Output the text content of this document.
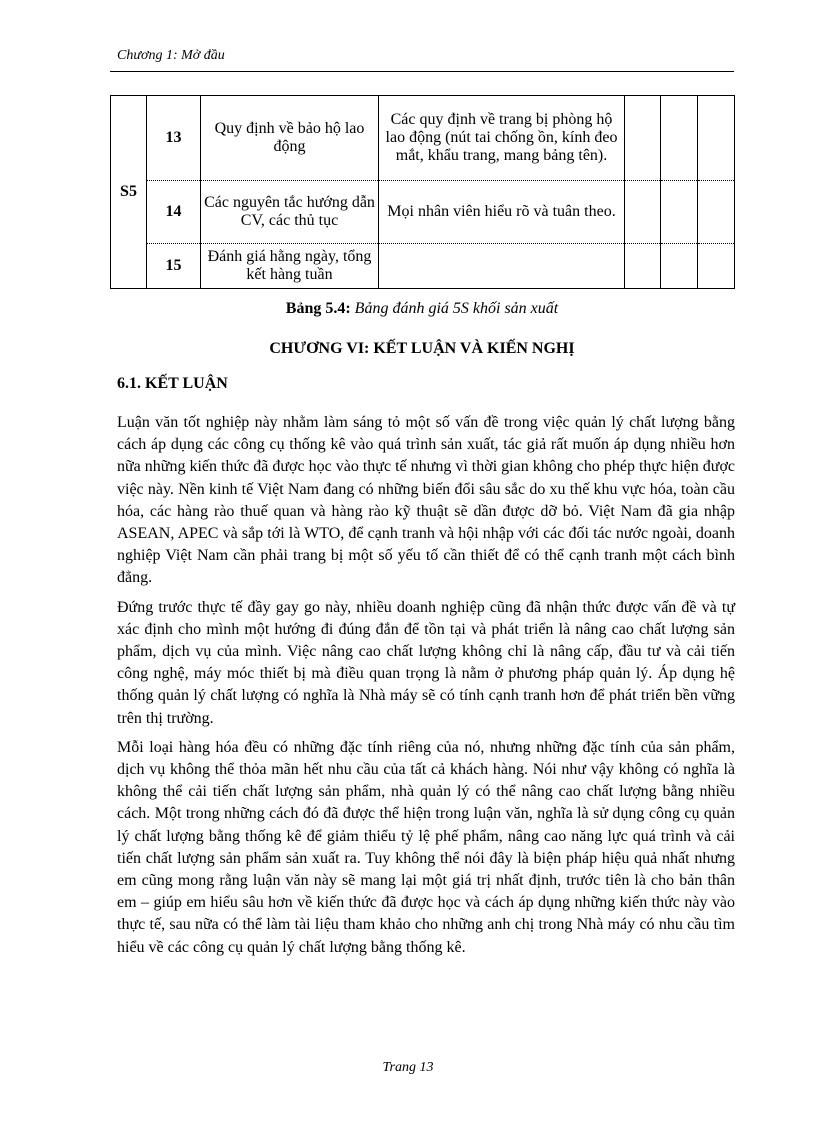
Chương 1: Mở đầu
S5	13	Quy định về bảo hộ lao động	Các quy định về trang bị phòng hộ lao động (nút tai chống ồn, kính đeo mắt, khẩu trang, mang bảng tên).			
	14	Các nguyên tắc hướng dẫn CV, các thủ tục	Mọi nhân viên hiểu rõ và tuân theo.			
	15	Đánh giá hằng ngày, tổng kết hàng tuần				
Bảng 5.4: Bảng đánh giá 5S khối sản xuất
CHƯƠNG VI: KẾT LUẬN VÀ KIẾN NGHỊ
6.1. KẾT LUẬN

Luận văn tốt nghiệp này nhằm làm sáng tỏ một số vấn đề trong việc quản lý chất lượng bằng cách áp dụng các công cụ thống kê vào quá trình sản xuất, tác giả rất muốn áp dụng nhiều hơn nữa những kiến thức đã được học vào thực tế nhưng vì thời gian không cho phép thực hiện được việc này. Nền kinh tế Việt Nam đang có những biến đổi sâu sắc do xu thế khu vực hóa, toàn cầu hóa, các hàng rào thuế quan và hàng rào kỹ thuật sẽ dần được dỡ bỏ. Việt Nam đã gia nhập ASEAN, APEC và sắp tới là WTO, để cạnh tranh và hội nhập với các đối tác nước ngoài, doanh nghiệp Việt Nam cần phải trang bị một số yếu tố cần thiết để có thể cạnh tranh một cách bình đẳng.

Đứng trước thực tế đầy gay go này, nhiều doanh nghiệp cũng đã nhận thức được vấn đề và tự xác định cho mình một hướng đi đúng đắn để tồn tại và phát triển là nâng cao chất lượng sản phẩm, dịch vụ của mình. Việc nâng cao chất lượng không chỉ là nâng cấp, đầu tư và cải tiến công nghệ, máy móc thiết bị mà điều quan trọng là nằm ở phương pháp quản lý. Áp dụng hệ thống quản lý chất lượng có nghĩa là Nhà máy sẽ có tính cạnh tranh hơn để phát triển bền vững trên thị trường.

Mỗi loại hàng hóa đều có những đặc tính riêng của nó, nhưng những đặc tính của sản phẩm, dịch vụ không thể thỏa mãn hết nhu cầu của tất cả khách hàng. Nói như vậy không có nghĩa là không thể cải tiến chất lượng sản phẩm, nhà quản lý có thể nâng cao chất lượng bằng nhiều cách. Một trong những cách đó đã được thể hiện trong luận văn, nghĩa là sử dụng công cụ quản lý chất lượng bằng thống kê để giảm thiểu tỷ lệ phế phẩm, nâng cao năng lực quá trình và cải tiến chất lượng sản phẩm sản xuất ra. Tuy không thể nói đây là biện pháp hiệu quả nhất nhưng em cũng mong rằng luận văn này sẽ mang lại một giá trị nhất định, trước tiên là cho bản thân em – giúp em hiểu sâu hơn về kiến thức đã được học và cách áp dụng những kiến thức này vào thực tế, sau nữa có thể làm tài liệu tham khảo cho những anh chị trong Nhà máy có nhu cầu tìm hiểu về các công cụ quản lý chất lượng bằng thống kê.

Trang 13
